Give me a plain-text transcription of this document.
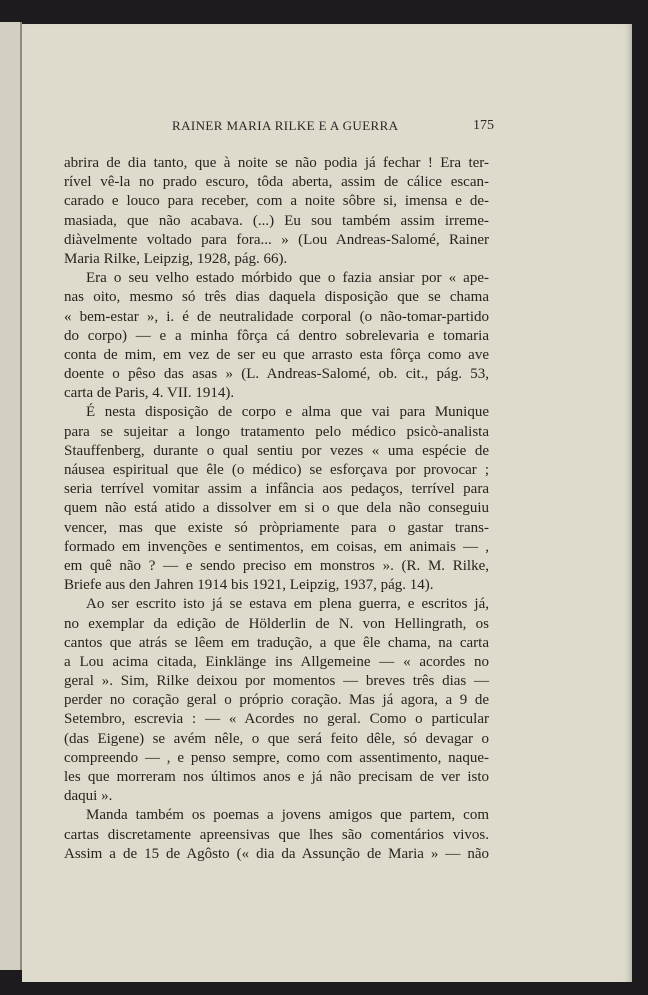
RAINER MARIA RILKE E A GUERRA	175
abrira de dia tanto, que à noite se não podia já fechar ! Era ter-
rível vê-la no prado escuro, tôda aberta, assim de cálice escan-
carado e louco para receber, com a noite sôbre si, imensa e de-
masiada, que não acabava. (...) Eu sou também assim irreme-
diàvelmente voltado para fora... » (Lou Andreas-Salomé, Rainer
Maria Rilke, Leipzig, 1928, pág. 66).
Era o seu velho estado mórbido que o fazia ansiar por « ape-
nas oito, mesmo só três dias daquela disposição que se chama
« bem-estar », i. é de neutralidade corporal (o não-tomar-partido
do corpo) — e a minha fôrça cá dentro sobrelevaria e tomaria
conta de mim, em vez de ser eu que arrasto esta fôrça como ave
doente o pêso das asas » (L. Andreas-Salomé, ob. cit., pág. 53,
carta de Paris, 4. VII. 1914).
É nesta disposição de corpo e alma que vai para Munique
para se sujeitar a longo tratamento pelo médico psicò-analista
Stauffenberg, durante o qual sentiu por vezes « uma espécie de
náusea espiritual que êle (o médico) se esforçava por provocar ;
seria terrível vomitar assim a infância aos pedaços, terrível para
quem não está atido a dissolver em si o que dela não conseguiu
vencer, mas que existe só pròpriamente para o gastar trans-
formado em invenções e sentimentos, em coisas, em animais — ,
em quê não ? — e sendo preciso em monstros ». (R. M. Rilke,
Briefe aus den Jahren 1914 bis 1921, Leipzig, 1937, pág. 14).
Ao ser escrito isto já se estava em plena guerra, e escritos já,
no exemplar da edição de Hölderlin de N. von Hellingrath, os
cantos que atrás se lêem em tradução, a que êle chama, na carta
a Lou acima citada, Einklänge ins Allgemeine — « acordes no
geral ». Sim, Rilke deixou por momentos — breves três dias —
perder no coração geral o próprio coração. Mas já agora, a 9 de
Setembro, escrevia : — « Acordes no geral. Como o particular
(das Eigene) se avém nêle, o que será feito dêle, só devagar o
compreendo — , e penso sempre, como com assentimento, naque-
les que morreram nos últimos anos e já não precisam de ver isto
daqui ».
Manda também os poemas a jovens amigos que partem, com
cartas discretamente apreensivas que lhes são comentários vivos.
Assim a de 15 de Agôsto (« dia da Assunção de Maria » — não
